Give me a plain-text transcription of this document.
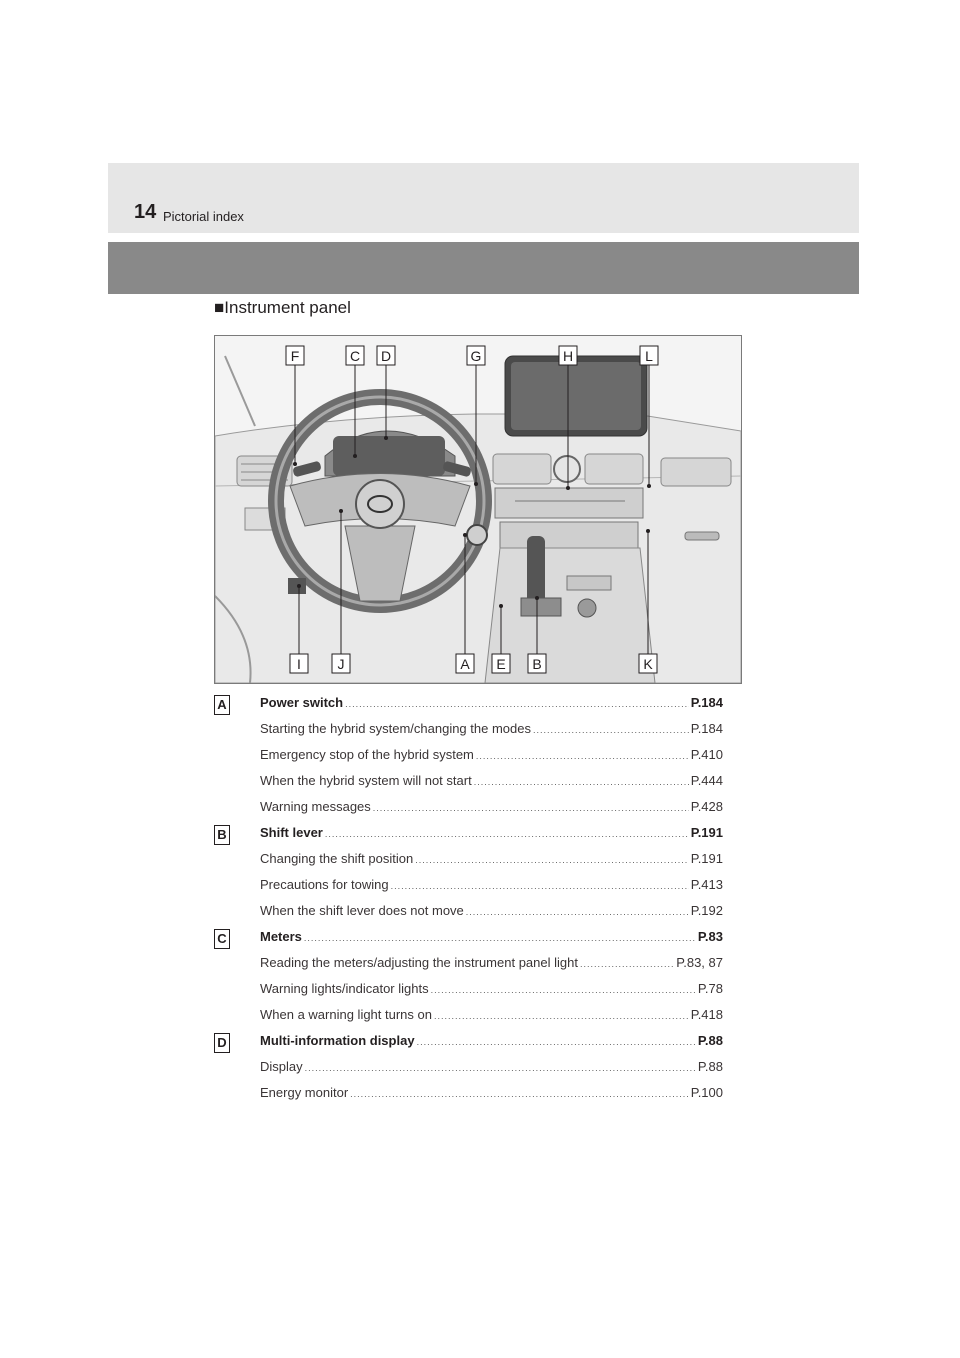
14 Pictorial index
■Instrument panel
F	C D	G	H	L
I	J	A E B	K
A	Power switch .....	P.184
Starting the hybrid system/changing the modes .....	P.184
Emergency stop of the hybrid system .....	P.410
When the hybrid system will not start .....	P.444
Warning messages .....	P.428
B	Shift lever .....	P.191
Changing the shift position .....	P.191
Precautions for towing .....	P.413
When the shift lever does not move .....	P.192
C	Meters .....	P.83
Reading the meters/adjusting the instrument panel light .....	P.83, 87
Warning lights/indicator lights .....	P.78
When a warning light turns on .....	P.418
D	Multi-information display .....	P.88
Display .....	P.88
Energy monitor .....	P.100
